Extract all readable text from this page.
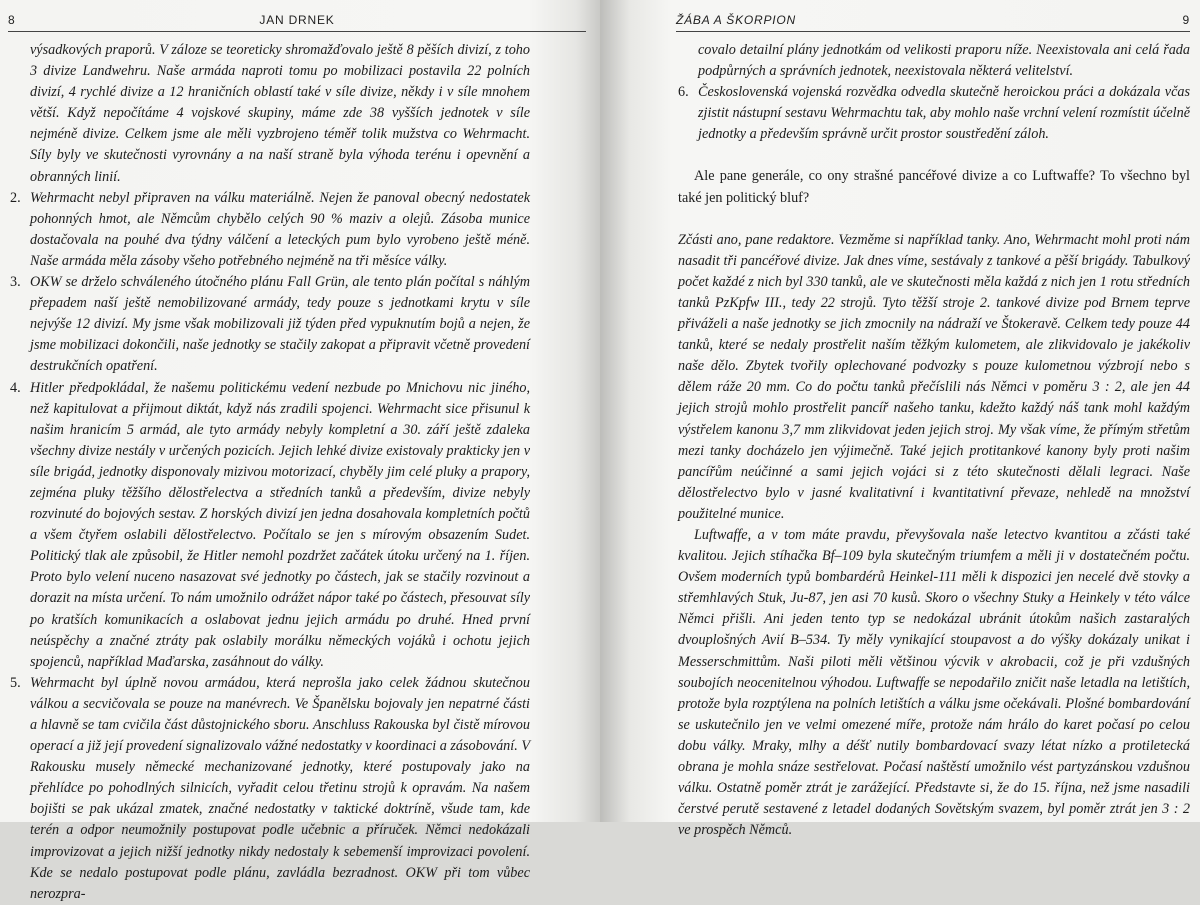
8	JAN DRNEK

výsadkových praporů. V záloze se teoreticky shromažďovalo ještě 8 pěších divizí, z toho 3 divize Landwehru. Naše armáda naproti tomu po mobilizaci postavila 22 polních divizí, 4 rychlé divize a 12 hraničních oblastí také v síle divize, někdy i v síle mnohem větší. Když nepočítáme 4 vojskové skupiny, máme zde 38 vyšších jednotek v síle nejméně divize. Celkem jsme ale měli vyzbrojeno téměř tolik mužstva co Wehrmacht. Síly byly ve skutečnosti vyrovnány a na naší straně byla výhoda terénu i opevnění a obranných linií.

2. Wehrmacht nebyl připraven na válku materiálně. Nejen že panoval obecný nedostatek pohonných hmot, ale Němcům chybělo celých 90 % maziv a olejů. Zásoba munice dostačovala na pouhé dva týdny válčení a leteckých pum bylo vyrobeno ještě méně. Naše armáda měla zásoby všeho potřebného nejméně na tři měsíce války.

3. OKW se drželo schváleného útočného plánu Fall Grün, ale tento plán počítal s náhlým přepadem naší ještě nemobilizované armády, tedy pouze s jednotkami krytu v síle nejvýše 12 divizí. My jsme však mobilizovali již týden před vypuknutím bojů a nejen, že jsme mobilizaci dokončili, naše jednotky se stačily zakopat a připravit včetně provedení destrukčních opatření.

4. Hitler předpokládal, že našemu politickému vedení nezbude po Mnichovu nic jiného, než kapitulovat a přijmout diktát, když nás zradili spojenci. Wehrmacht sice přisunul k našim hranicím 5 armád, ale tyto armády nebyly kompletní a 30. září ještě zdaleka všechny divize nestály v určených pozicích. Jejich lehké divize existovaly prakticky jen v síle brigád, jednotky disponovaly mizivou motorizací, chyběly jim celé pluky a prapory, zejména pluky těžšího dělostřelectva a středních tanků a především, divize nebyly rozvinuté do bojových sestav. Z horských divizí jen jedna dosahovala kompletních počtů a všem čtyřem oslabili dělostřelectvo. Počítalo se jen s mírovým obsazením Sudet. Politický tlak ale způsobil, že Hitler nemohl pozdržet začátek útoku určený na 1. říjen. Proto bylo velení nuceno nasazovat své jednotky po částech, jak se stačily rozvinout a dorazit na místa určení. To nám umožnilo odrážet nápor také po částech, přesouvat síly po kratších komunikacích a oslabovat jednu jejich armádu po druhé. Hned první neúspěchy a značné ztráty pak oslabily morálku německých vojáků i ochotu jejich spojenců, například Maďarska, zasáhnout do války.

5. Wehrmacht byl úplně novou armádou, která neprošla jako celek žádnou skutečnou válkou a secvičovala se pouze na manévrech. Ve Španělsku bojovaly jen nepatrné části a hlavně se tam cvičila část důstojnického sboru. Anschluss Rakouska byl čistě mírovou operací a již její provedení signalizovalo vážné nedostatky v koordinaci a zásobování. V Rakousku musely německé mechanizované jednotky, které postupovaly jako na přehlídce po pohodlných silnicích, vyřadit celou třetinu strojů k opravám. Na našem bojišti se pak ukázal zmatek, značné nedostatky v taktické doktríně, všude tam, kde terén a odpor neumožnily postupovat podle učebnic a příruček. Němci nedokázali improvizovat a jejich nižší jednotky nikdy nedostaly k sebemenší improvizaci povolení. Kde se nedalo postupovat podle plánu, zavládla bezradnost. OKW při tom vůbec nerozpra-

ŽÁBA A ŠKORPION	9

covalo detailní plány jednotkám od velikosti praporu níže. Neexistovala ani celá řada podpůrných a správních jednotek, neexistovala některá velitelství.

6. Československá vojenská rozvědka odvedla skutečně heroickou práci a dokázala včas zjistit nástupní sestavu Wehrmachtu tak, aby mohlo naše vrchní velení rozmístit účelně jednotky a především správně určit prostor soustředění záloh.

Ale pane generále, co ony strašné pancéřové divize a co Luftwaffe? To všechno byl také jen politický bluf?

Zčásti ano, pane redaktore. Vezměme si například tanky. Ano, Wehrmacht mohl proti nám nasadit tři pancéřové divize. Jak dnes víme, sestávaly z tankové a pěší brigády. Tabulkový počet každé z nich byl 330 tanků, ale ve skutečnosti měla každá z nich jen 1 rotu středních tanků PzKpfw III., tedy 22 strojů. Tyto těžší stroje 2. tankové divize pod Brnem teprve přiváželi a naše jednotky se jich zmocnily na nádraží ve Štokeravě. Celkem tedy pouze 44 tanků, které se nedaly prostřelit naším těžkým kulometem, ale zlikvidovalo je jakékoliv naše dělo. Zbytek tvořily oplechované podvozky s pouze kulometnou výzbrojí nebo s dělem ráže 20 mm. Co do počtu tanků přečíslili nás Němci v poměru 3 : 2, ale jen 44 jejich strojů mohlo prostřelit pancíř našeho tanku, kdežto každý náš tank mohl každým výstřelem kanonu 3,7 mm zlikvidovat jeden jejich stroj. My však víme, že přímým střetům mezi tanky docházelo jen výjimečně. Také jejich protitankové kanony byly proti našim pancířům neúčinné a sami jejich vojáci si z této skutečnosti dělali legraci. Naše dělostřelectvo bylo v jasné kvalitativní i kvantitativní převaze, nehledě na množství použitelné munice.

Luftwaffe, a v tom máte pravdu, převyšovala naše letectvo kvantitou a zčásti také kvalitou. Jejich stíhačka Bf–109 byla skutečným triumfem a měli ji v dostatečném počtu. Ovšem moderních typů bombardérů Heinkel-111 měli k dispozici jen necelé dvě stovky a střemhlavých Stuk, Ju-87, jen asi 70 kusů. Skoro o všechny Stuky a Heinkely v této válce Němci přišli. Ani jeden tento typ se nedokázal ubránit útokům našich zastaralých dvouplošných Avií B–534. Ty měly vynikající stoupavost a do výšky dokázaly unikat i Messerschmittům. Naši piloti měli většinou výcvik v akrobacii, což je při vzdušných soubojích neocenitelnou výhodou. Luftwaffe se nepodařilo zničit naše letadla na letištích, protože byla rozptýlena na polních letištích a válku jsme očekávali. Plošné bombardování se uskutečnilo jen ve velmi omezené míře, protože nám hrálo do karet počasí po celou dobu války. Mraky, mlhy a déšť nutily bombardovací svazy létat nízko a protiletecká obrana je mohla snáze sestřelovat. Počasí naštěstí umožnilo vést partyzánskou vzdušnou válku. Ostatně poměr ztrát je zarážející. Představte si, že do 15. října, než jsme nasadili čerstvé perutě sestavené z letadel dodaných Sovětským svazem, byl poměr ztrát jen 3 : 2 ve prospěch Němců.
